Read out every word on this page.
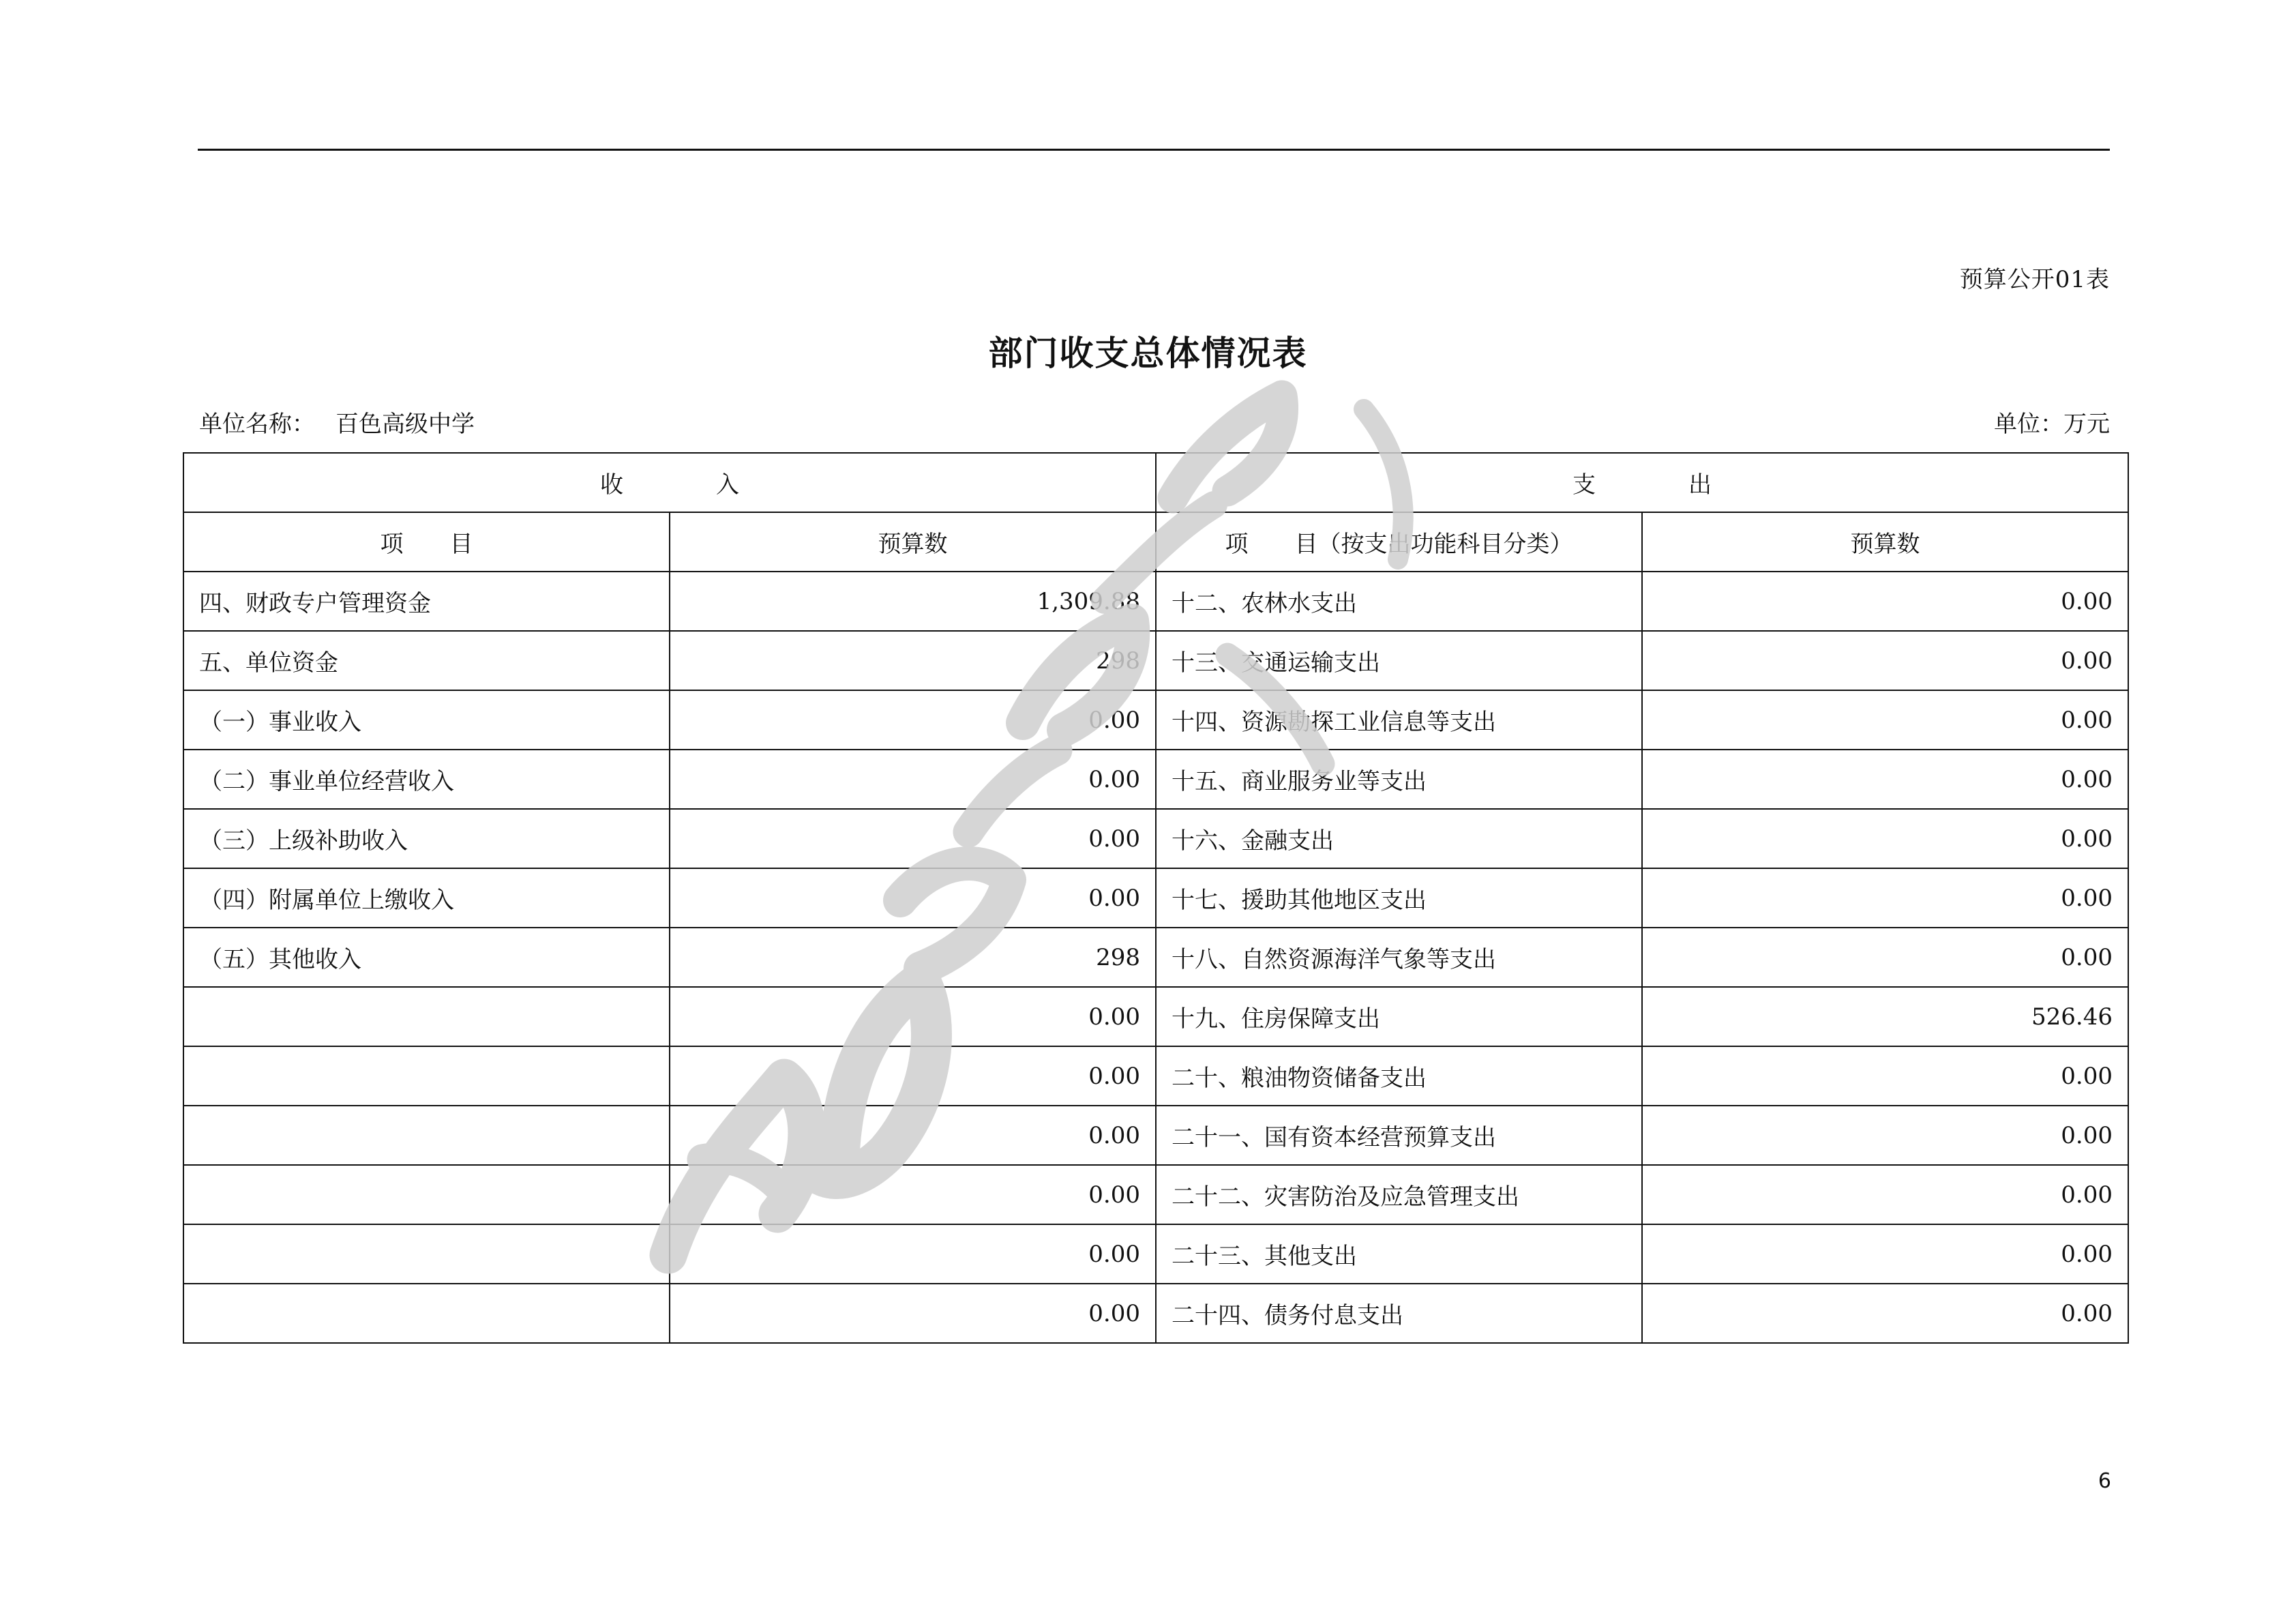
预算公开01表
部门收支总体情况表
单位名称： 百色高级中学	单位：万元
收　　　　入		支　　　　出	
项　　目	预算数	项　　目（按支出功能科目分类）	预算数
四、财政专户管理资金	1,309.88	十二、农林水支出	0.00
五、单位资金	298	十三、交通运输支出	0.00
（一）事业收入	0.00	十四、资源勘探工业信息等支出	0.00
（二）事业单位经营收入	0.00	十五、商业服务业等支出	0.00
（三）上级补助收入	0.00	十六、金融支出	0.00
（四）附属单位上缴收入	0.00	十七、援助其他地区支出	0.00
（五）其他收入	298	十八、自然资源海洋气象等支出	0.00
	0.00	十九、住房保障支出	526.46
	0.00	二十、粮油物资储备支出	0.00
	0.00	二十一、国有资本经营预算支出	0.00
	0.00	二十二、灾害防治及应急管理支出	0.00
	0.00	二十三、其他支出	0.00
	0.00	二十四、债务付息支出	0.00
6
